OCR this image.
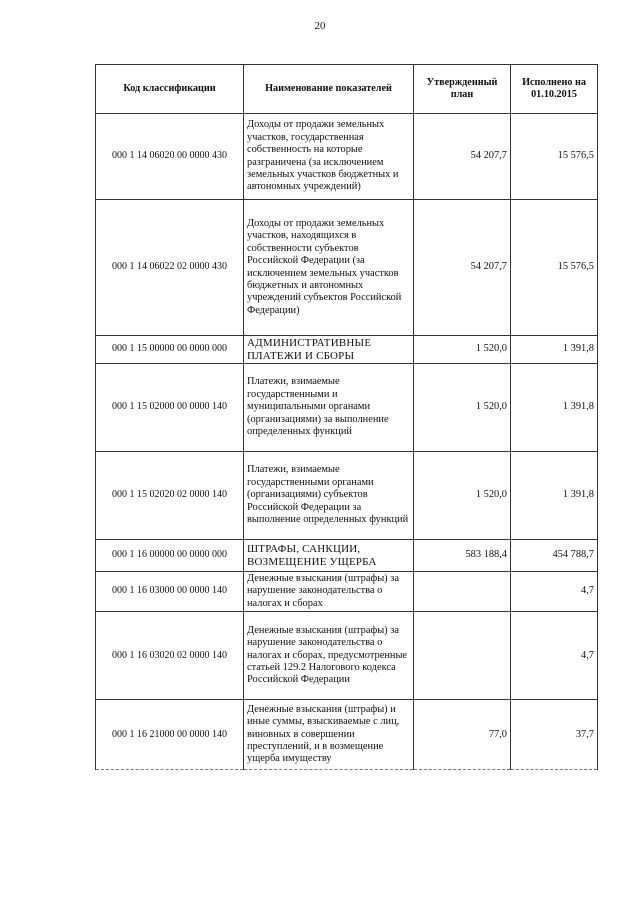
20
Код классификации	Наименование показателей	Утвержденный план	Исполнено на 01.10.2015
000 1 14 06020 00 0000 430	Доходы от продажи земельных участков, государственная собственность на которые разграничена (за исключением земельных участков бюджетных и автономных учреждений)	54 207,7	15 576,5
000 1 14 06022 02 0000 430	Доходы от продажи земельных участков, находящихся в собственности субъектов Российской Федерации (за исключением земельных участков бюджетных и автономных учреждений субъектов Российской Федерации)	54 207,7	15 576,5
000 1 15 00000 00 0000 000	АДМИНИСТРАТИВНЫЕ ПЛАТЕЖИ И СБОРЫ	1 520,0	1 391,8
000 1 15 02000 00 0000 140	Платежи, взимаемые государственными и муниципальными органами (организациями) за выполнение определенных функций	1 520,0	1 391,8
000 1 15 02020 02 0000 140	Платежи, взимаемые государственными органами (организациями) субъектов Российской Федерации за выполнение определенных функций	1 520,0	1 391,8
000 1 16 00000 00 0000 000	ШТРАФЫ, САНКЦИИ, ВОЗМЕЩЕНИЕ УЩЕРБА	583 188,4	454 788,7
000 1 16 03000 00 0000 140	Денежные взыскания (штрафы) за нарушение законодательства о налогах и сборах		4,7
000 1 16 03020 02 0000 140	Денежные взыскания (штрафы) за нарушение законодательства о налогах и сборах, предусмотренные статьей 129.2 Налогового кодекса Российской Федерации		4,7
000 1 16 21000 00 0000 140	Денежные взыскания (штрафы) и иные суммы, взыскиваемые с лиц, виновных в совершении преступлений, и в возмещение ущерба имуществу	77,0	37,7
